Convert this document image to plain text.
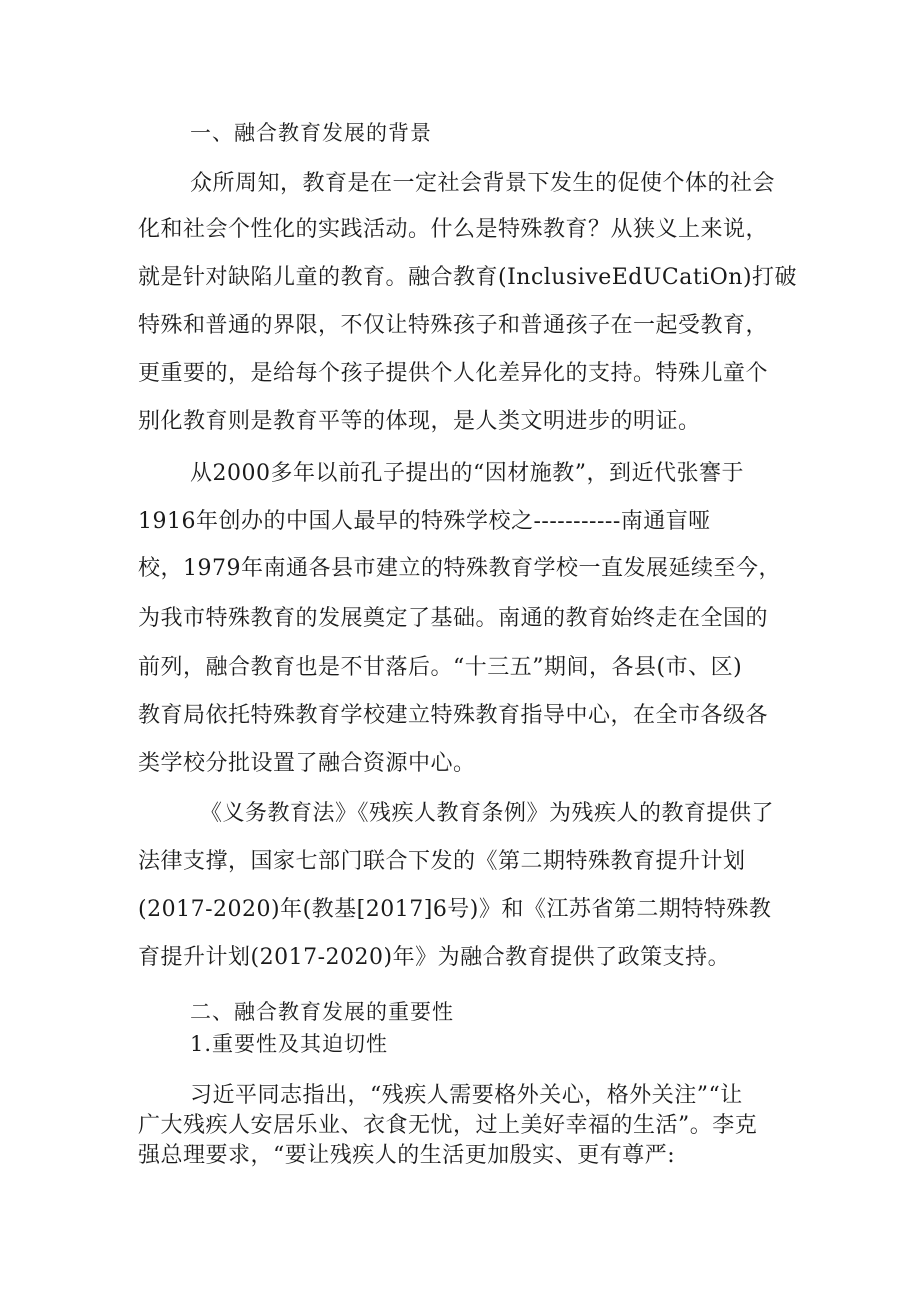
一、融合教育发展的背景
众所周知，教育是在一定社会背景下发生的促使个体的社会
化和社会个性化的实践活动。什么是特殊教育？从狭义上来说，
就是针对缺陷儿童的教育。融合教育(InclusiveEdUCatiOn)打破
特殊和普通的界限，不仅让特殊孩子和普通孩子在一起受教育，
更重要的，是给每个孩子提供个人化差异化的支持。特殊儿童个
别化教育则是教育平等的体现，是人类文明进步的明证。
从2000多年以前孔子提出的“因材施教”，到近代张謇于
1916年创办的中国人最早的特殊学校之-----------南通盲哑
校，1979年南通各县市建立的特殊教育学校一直发展延续至今，
为我市特殊教育的发展奠定了基础。南通的教育始终走在全国的
前列，融合教育也是不甘落后。“十三五”期间，各县(市、区)
教育局依托特殊教育学校建立特殊教育指导中心，在全市各级各
类学校分批设置了融合资源中心。
《义务教育法》《残疾人教育条例》为残疾人的教育提供了
法律支撑，国家七部门联合下发的《第二期特殊教育提升计划
(2017-2020)年(教基[2017]6号)》和《江苏省第二期特特殊教
育提升计划(2017-2020)年》为融合教育提供了政策支持。
二、融合教育发展的重要性
1.重要性及其迫切性
习近平同志指出，“残疾人需要格外关心，格外关注”“让
广大残疾人安居乐业、衣食无忧，过上美好幸福的生活”。李克
强总理要求，“要让残疾人的生活更加殷实、更有尊严:
